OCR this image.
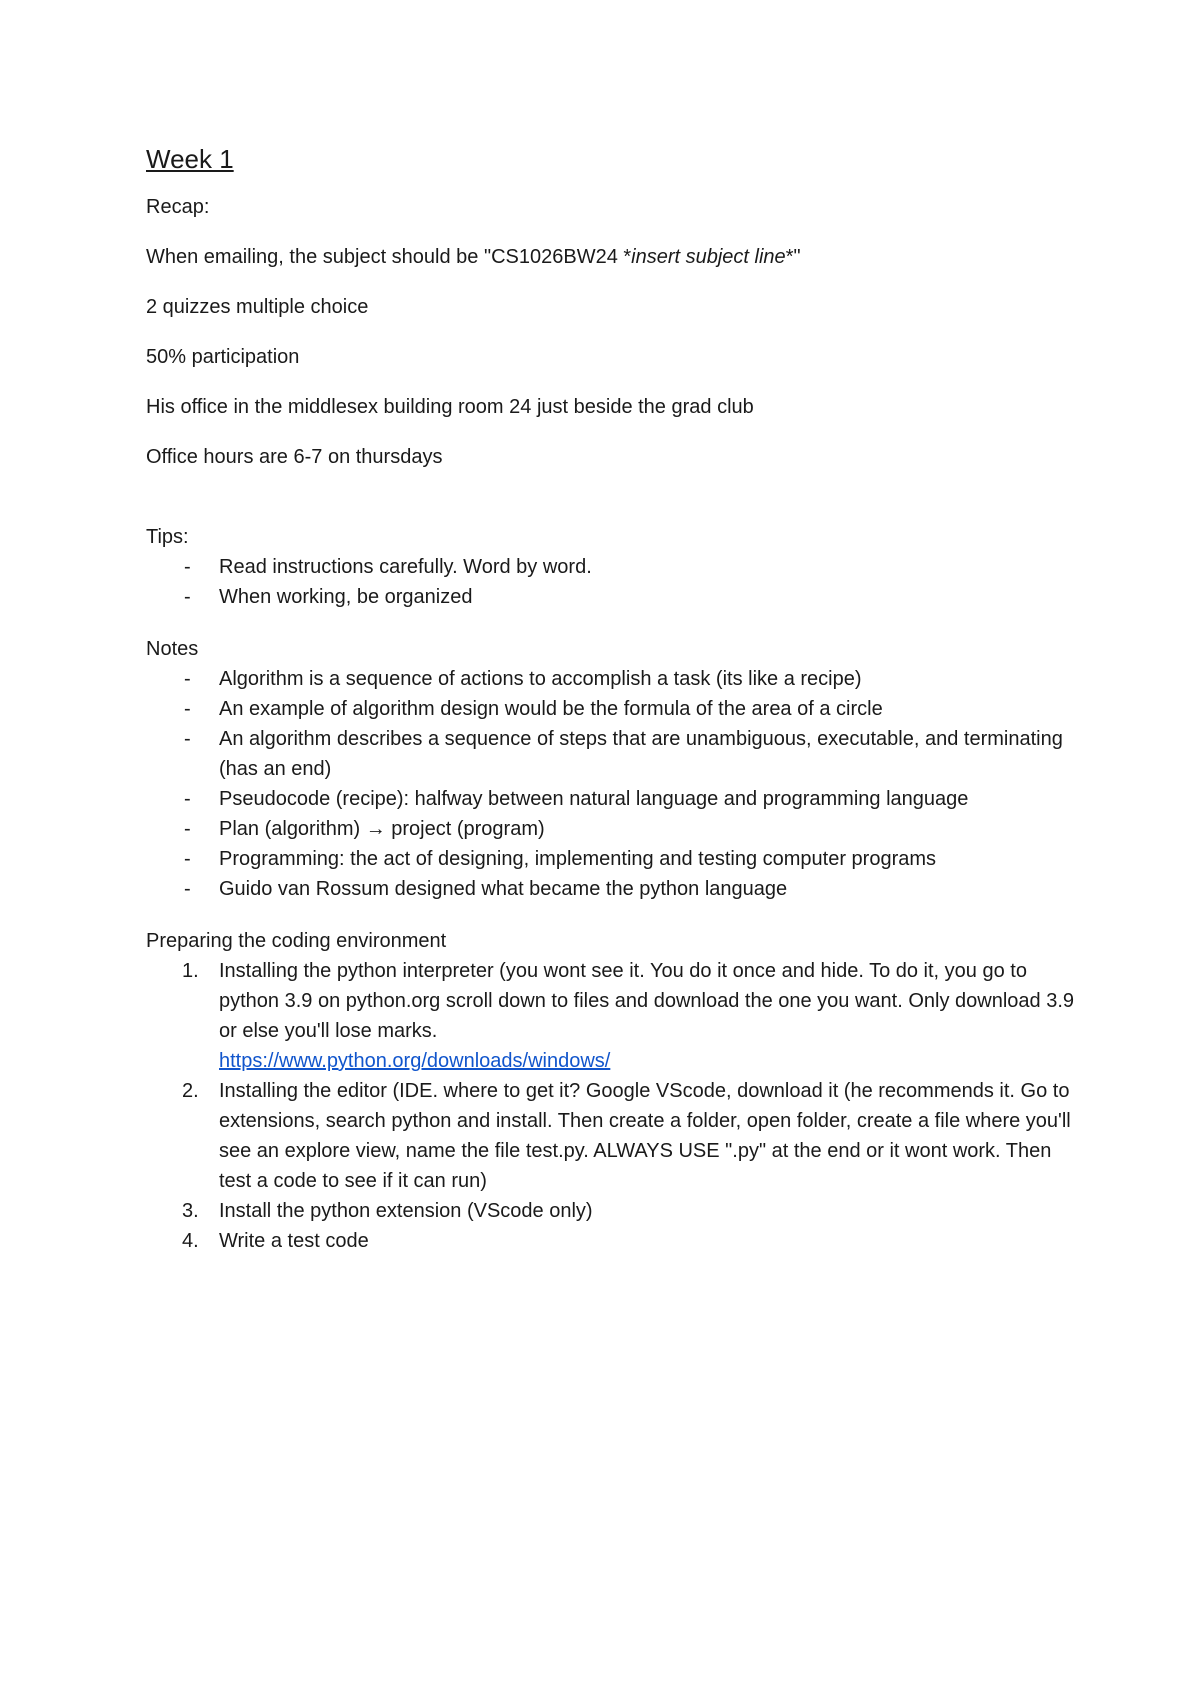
Week 1

Recap:

When emailing, the subject should be "CS1026BW24 *insert subject line*"

2 quizzes multiple choice

50% participation

His office in the middlesex building room 24 just beside the grad club

Office hours are 6-7 on thursdays

Tips:

- Read instructions carefully. Word by word.
- When working, be organized

Notes

- Algorithm is a sequence of actions to accomplish a task (its like a recipe)
- An example of algorithm design would be the formula of the area of a circle
- An algorithm describes a sequence of steps that are unambiguous, executable, and terminating (has an end)
- Pseudocode (recipe): halfway between natural language and programming language
- Plan (algorithm) → project (program)
- Programming: the act of designing, implementing and testing computer programs
- Guido van Rossum designed what became the python language

Preparing the coding environment

1. Installing the python interpreter (you wont see it. You do it once and hide. To do it, you go to python 3.9 on python.org scroll down to files and download the one you want. Only download 3.9 or else you'll lose marks.
https://www.python.org/downloads/windows/
2. Installing the editor (IDE. where to get it? Google VScode, download it (he recommends it. Go to extensions, search python and install. Then create a folder, open folder, create a file where you'll see an explore view, name the file test.py. ALWAYS USE ".py" at the end or it wont work. Then test a code to see if it can run)
3. Install the python extension (VScode only)
4. Write a test code
